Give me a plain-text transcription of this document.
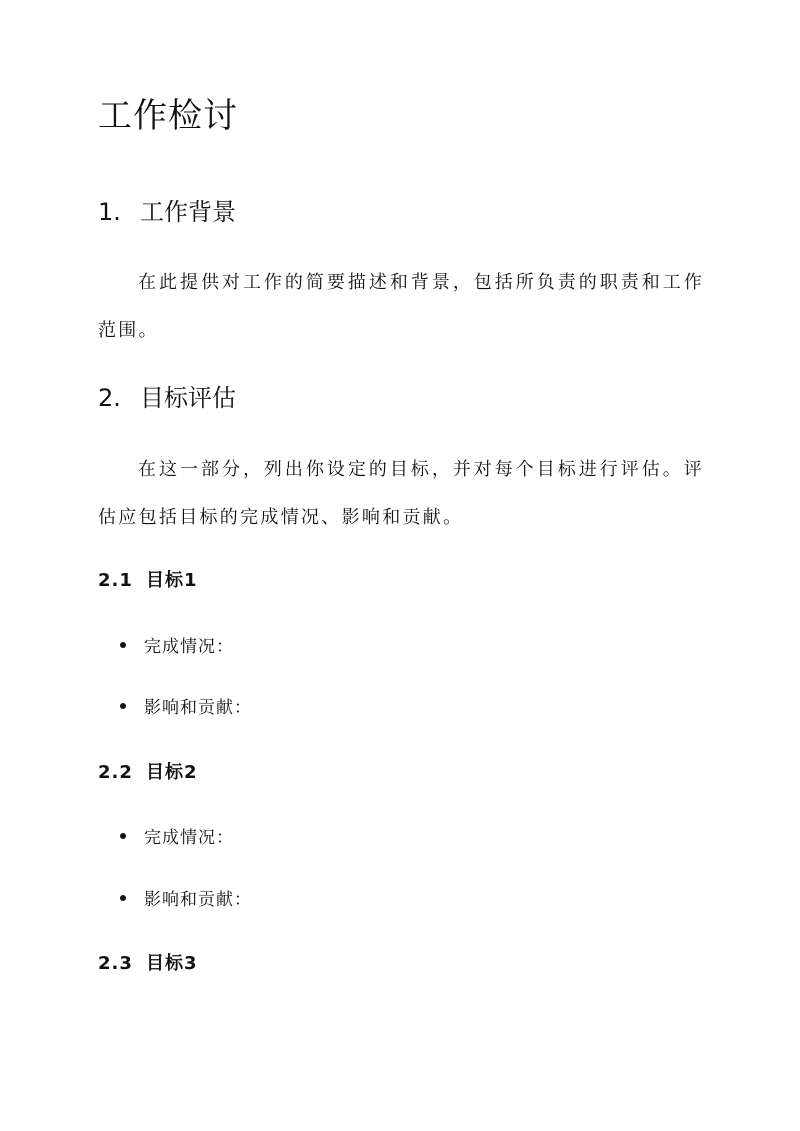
工作检讨
1. 工作背景

在此提供对工作的简要描述和背景，包括所负责的职责和工作范围。

2. 目标评估

在这一部分，列出你设定的目标，并对每个目标进行评估。评估应包括目标的完成情况、影响和贡献。

2.1 目标1
完成情况：
影响和贡献：
2.2 目标2
完成情况：
影响和贡献：
2.3 目标3
